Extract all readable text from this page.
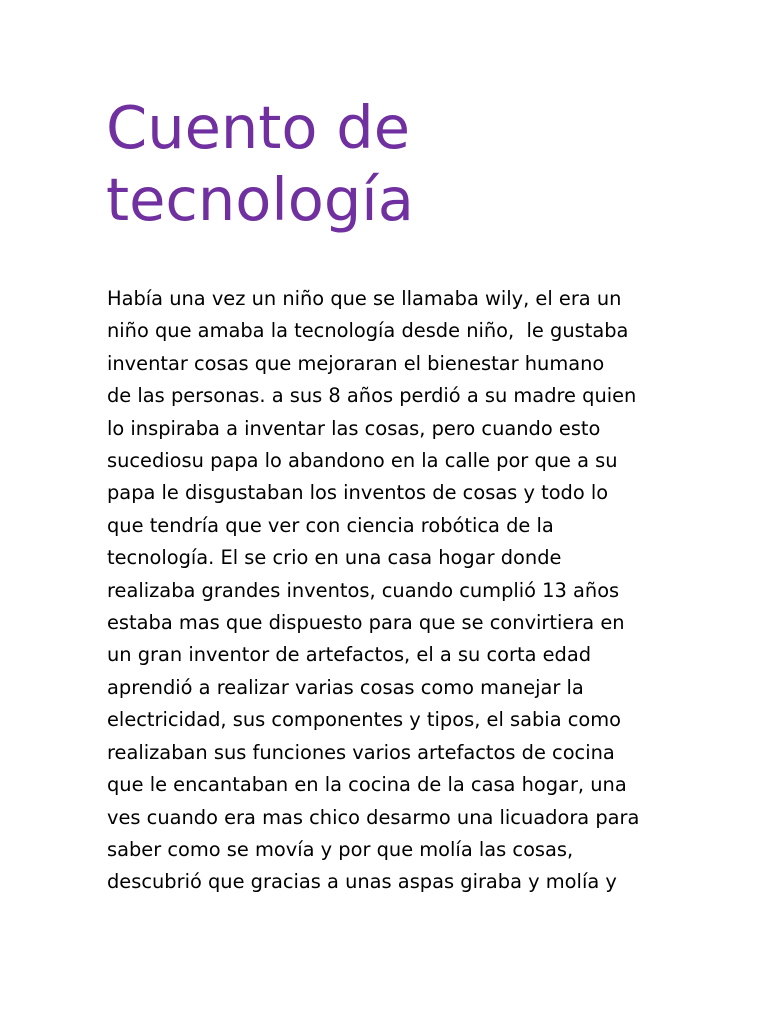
Cuento de
tecnología
Había una vez un niño que se llamaba wily, el era un
niño que amaba la tecnología desde niño,  le gustaba
inventar cosas que mejoraran el bienestar humano
de las personas. a sus 8 años perdió a su madre quien
lo inspiraba a inventar las cosas, pero cuando esto
sucediosu papa lo abandono en la calle por que a su
papa le disgustaban los inventos de cosas y todo lo
que tendría que ver con ciencia robótica de la
tecnología. El se crio en una casa hogar donde
realizaba grandes inventos, cuando cumplió 13 años
estaba mas que dispuesto para que se convirtiera en
un gran inventor de artefactos, el a su corta edad
aprendió a realizar varias cosas como manejar la
electricidad, sus componentes y tipos, el sabia como
realizaban sus funciones varios artefactos de cocina
que le encantaban en la cocina de la casa hogar, una
ves cuando era mas chico desarmo una licuadora para
saber como se movía y por que molía las cosas,
descubrió que gracias a unas aspas giraba y molía y
